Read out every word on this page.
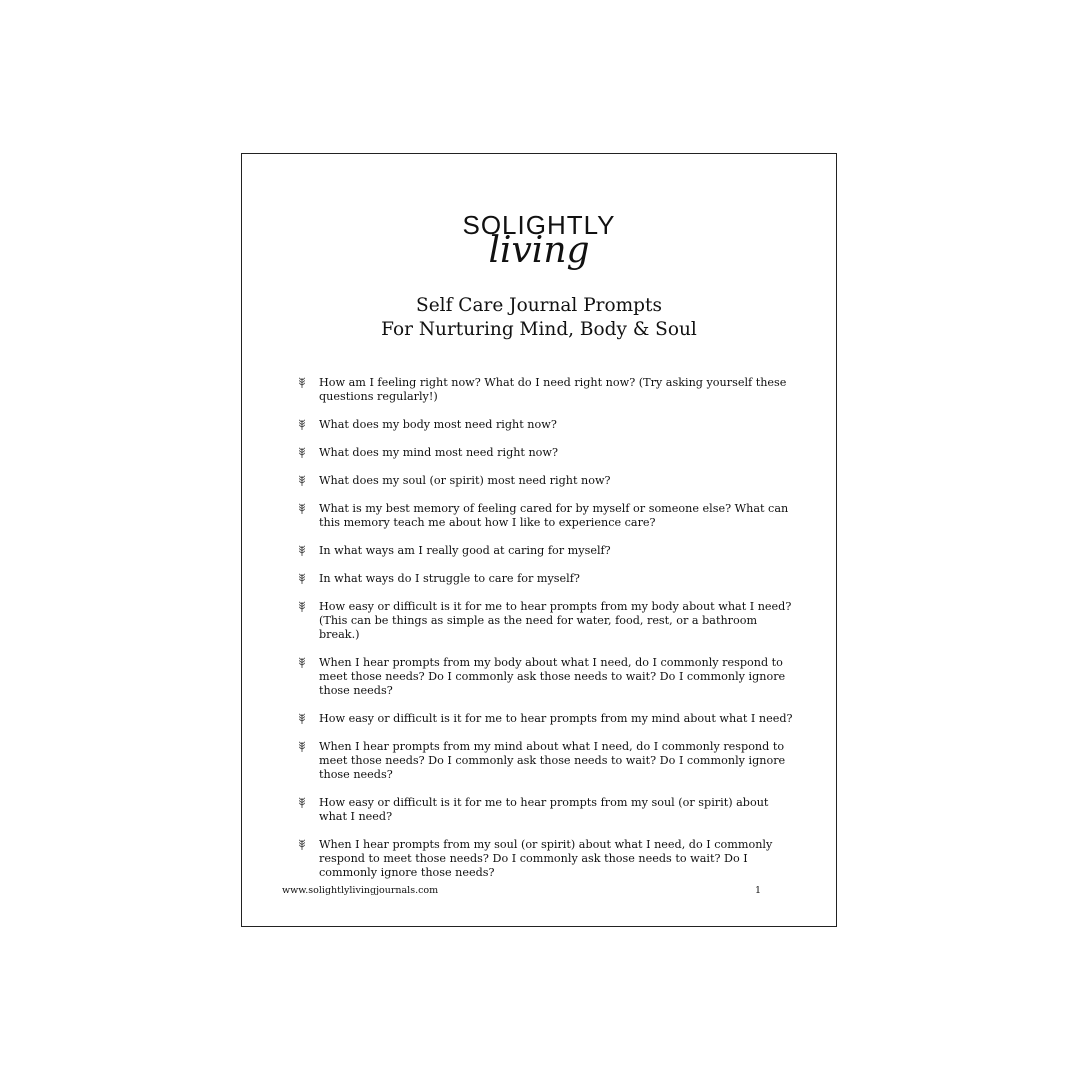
SOLIGHTLY
living
Self Care Journal Prompts
For Nurturing Mind, Body & Soul
How am I feeling right now? What do I need right now? (Try asking yourself these questions regularly!)
What does my body most need right now?
What does my mind most need right now?
What does my soul (or spirit) most need right now?
What is my best memory of feeling cared for by myself or someone else? What can this memory teach me about how I like to experience care?
In what ways am I really good at caring for myself?
In what ways do I struggle to care for myself?
How easy or difficult is it for me to hear prompts from my body about what I need? (This can be things as simple as the need for water, food, rest, or a bathroom break.)
When I hear prompts from my body about what I need, do I commonly respond to meet those needs? Do I commonly ask those needs to wait? Do I commonly ignore those needs?
How easy or difficult is it for me to hear prompts from my mind about what I need?
When I hear prompts from my mind about what I need, do I commonly respond to meet those needs? Do I commonly ask those needs to wait? Do I commonly ignore those needs?
How easy or difficult is it for me to hear prompts from my soul (or spirit) about what I need?
When I hear prompts from my soul (or spirit) about what I need, do I commonly respond to meet those needs? Do I commonly ask those needs to wait? Do I commonly ignore those needs?
www.solightlylivingjournals.com	1
